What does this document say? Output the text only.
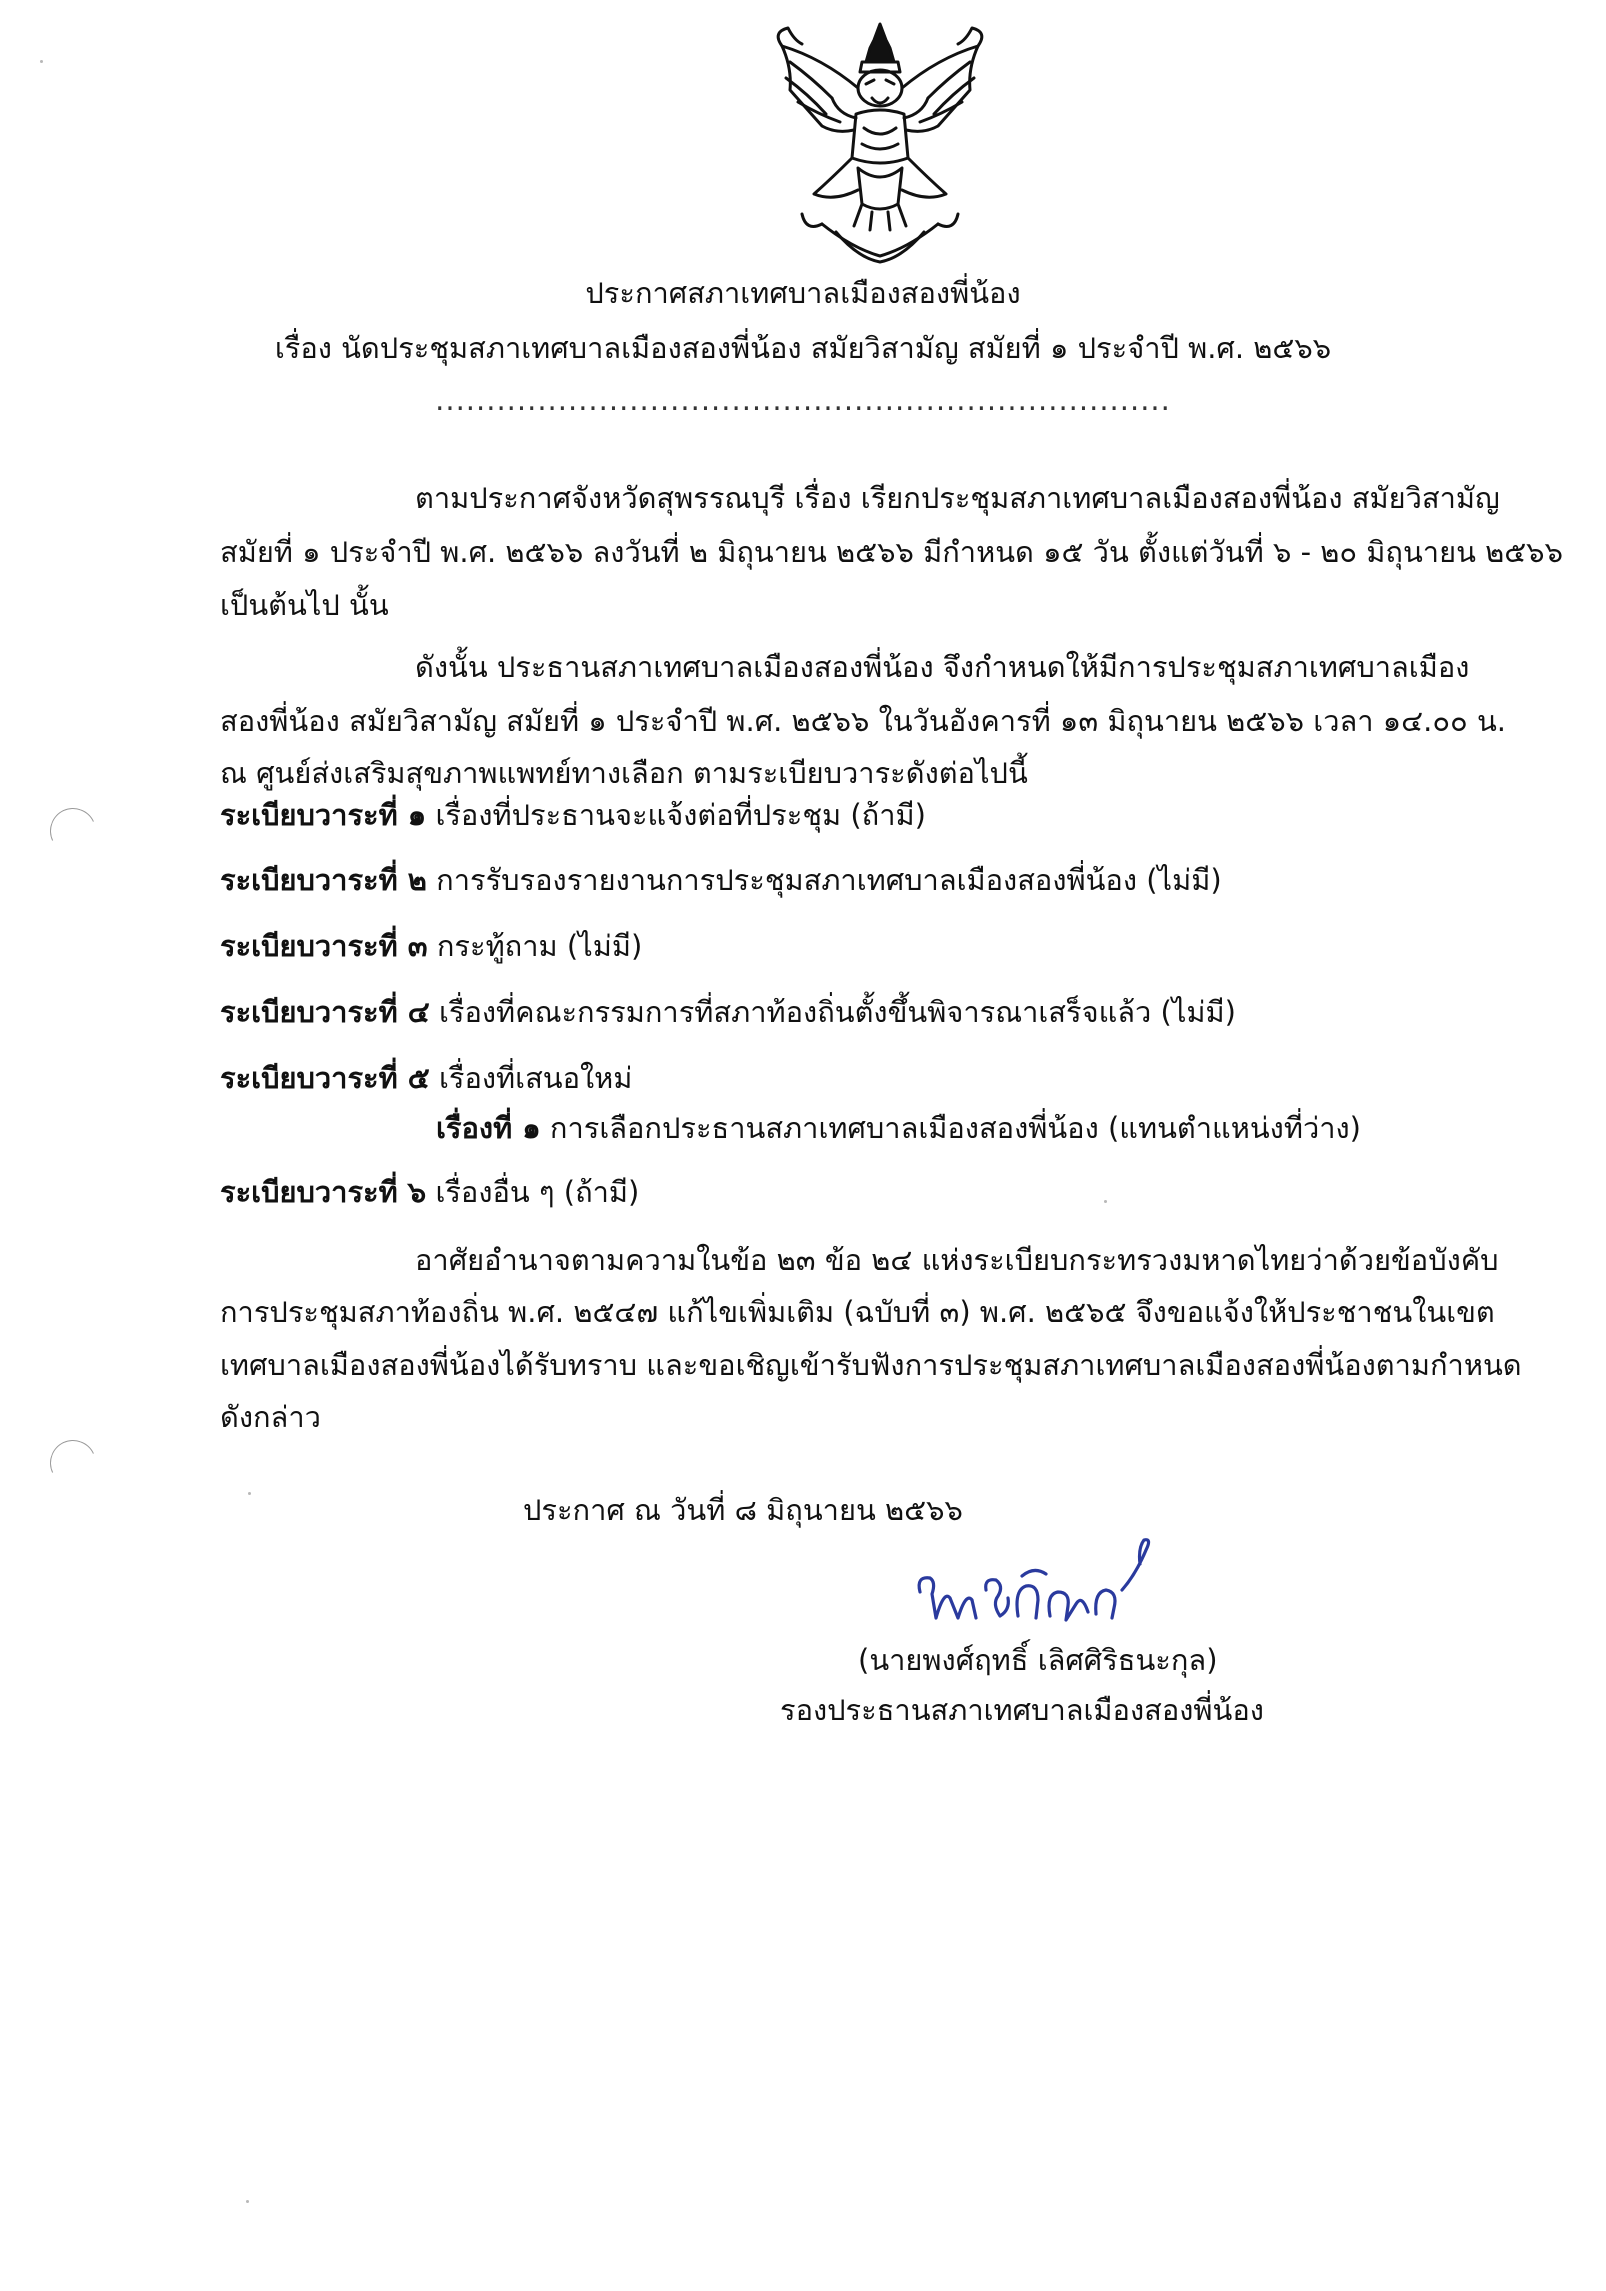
ประกาศสภาเทศบาลเมืองสองพี่น้อง
เรื่อง นัดประชุมสภาเทศบาลเมืองสองพี่น้อง สมัยวิสามัญ สมัยที่ ๑ ประจำปี พ.ศ. ๒๕๖๖
........................................................................
ตามประกาศจังหวัดสุพรรณบุรี เรื่อง เรียกประชุมสภาเทศบาลเมืองสองพี่น้อง สมัยวิสามัญ
สมัยที่ ๑ ประจำปี พ.ศ. ๒๕๖๖ ลงวันที่ ๒ มิถุนายน ๒๕๖๖ มีกำหนด ๑๕ วัน ตั้งแต่วันที่ ๖ - ๒๐ มิถุนายน ๒๕๖๖
เป็นต้นไป นั้น
ดังนั้น ประธานสภาเทศบาลเมืองสองพี่น้อง จึงกำหนดให้มีการประชุมสภาเทศบาลเมือง
สองพี่น้อง สมัยวิสามัญ สมัยที่ ๑ ประจำปี พ.ศ. ๒๕๖๖ ในวันอังคารที่ ๑๓ มิถุนายน ๒๕๖๖ เวลา ๑๔.๐๐ น.
ณ ศูนย์ส่งเสริมสุขภาพแพทย์ทางเลือก ตามระเบียบวาระดังต่อไปนี้
ระเบียบวาระที่ ๑ เรื่องที่ประธานจะแจ้งต่อที่ประชุม (ถ้ามี)
ระเบียบวาระที่ ๒ การรับรองรายงานการประชุมสภาเทศบาลเมืองสองพี่น้อง (ไม่มี)
ระเบียบวาระที่ ๓ กระทู้ถาม (ไม่มี)
ระเบียบวาระที่ ๔ เรื่องที่คณะกรรมการที่สภาท้องถิ่นตั้งขึ้นพิจารณาเสร็จแล้ว (ไม่มี)
ระเบียบวาระที่ ๕ เรื่องที่เสนอใหม่
เรื่องที่ ๑ การเลือกประธานสภาเทศบาลเมืองสองพี่น้อง (แทนตำแหน่งที่ว่าง)
ระเบียบวาระที่ ๖ เรื่องอื่น ๆ (ถ้ามี)
อาศัยอำนาจตามความในข้อ ๒๓ ข้อ ๒๔ แห่งระเบียบกระทรวงมหาดไทยว่าด้วยข้อบังคับ
การประชุมสภาท้องถิ่น พ.ศ. ๒๕๔๗ แก้ไขเพิ่มเติม (ฉบับที่ ๓) พ.ศ. ๒๕๖๕ จึงขอแจ้งให้ประชาชนในเขต
เทศบาลเมืองสองพี่น้องได้รับทราบ และขอเชิญเข้ารับฟังการประชุมสภาเทศบาลเมืองสองพี่น้องตามกำหนด
ดังกล่าว
ประกาศ ณ วันที่ ๘ มิถุนายน ๒๕๖๖
(นายพงศ์ฤทธิ์ เลิศศิริธนะกุล)
รองประธานสภาเทศบาลเมืองสองพี่น้อง
